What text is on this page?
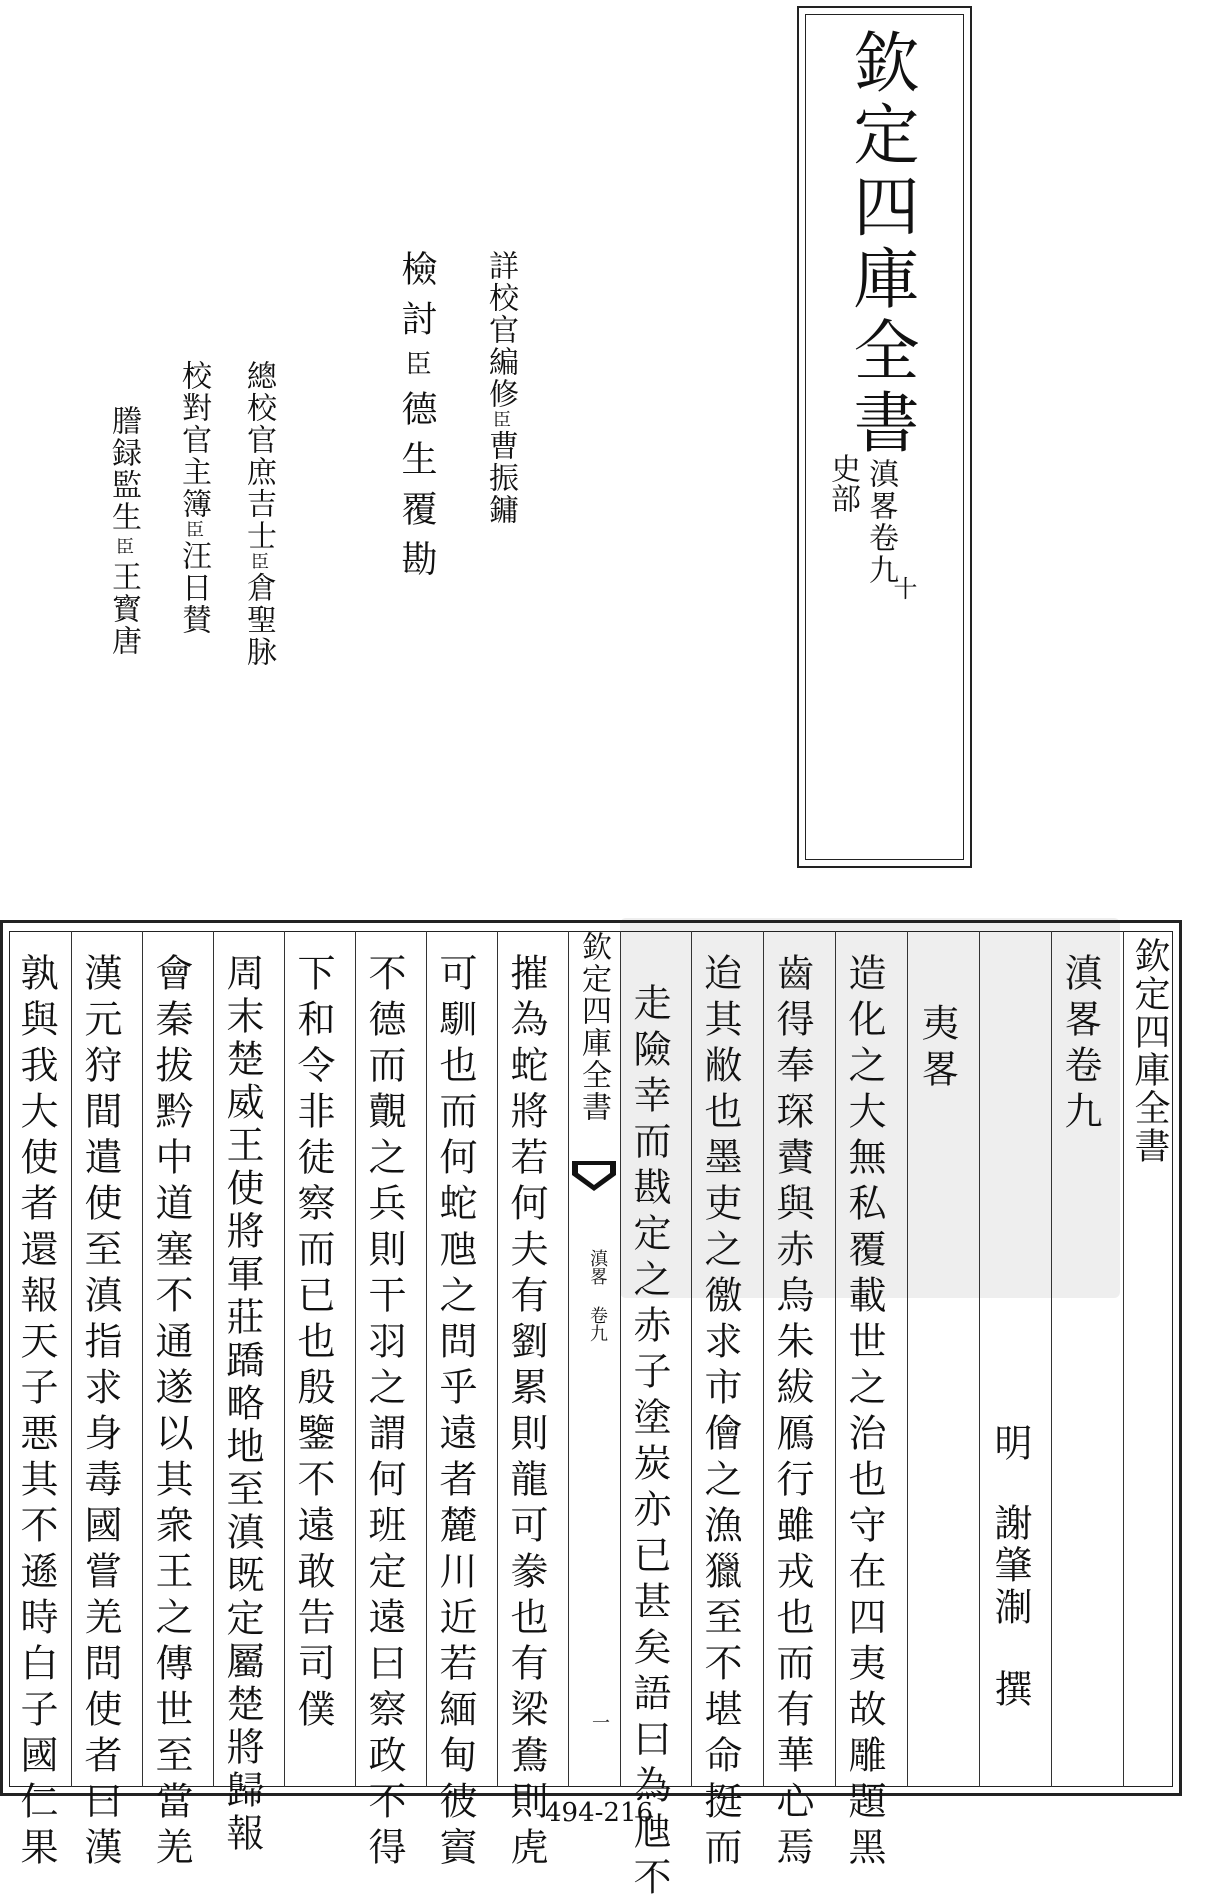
欽定四庫全書
史部 滇畧卷九
十
詳校官編修臣曹振鏞
檢討臣德生覆勘
總校官庶吉士臣倉聖脉
校對官主簿臣汪日賛
謄録監生臣王寳唐
欽定四庫全書
滇畧卷九
夷畧
明
謝肇淛撰
造化之大無私覆載世之治也守在四夷故雕題黑
齒得奉琛賮與赤烏朱紱鴈行雖戎也而有華心焉
迨其敝也墨吏之徼求市儈之漁獵至不堪命挺而
走險幸而戡定之赤子塗炭亦已甚矣語曰為虺不
欽定四庫全書
滇畧 卷九
一
摧為蛇將若何夫有劉累則龍可豢也有梁鴦則虎
可馴也而何蛇虺之問乎遠者麓川近若緬甸彼賨
不德而覿之兵則干羽之謂何班定遠曰察政不得
下和令非徒察而已也殷鑒不遠敢告司僕
周末楚威王使將軍莊蹻略地至滇既定屬楚將歸報
會秦拔黔中道塞不通遂以其衆王之傳世至當羌
漢元狩間遣使至滇指求身毒國嘗羌問使者曰漢
孰與我大使者還報天子悪其不遜時白子國仁果	494-216
